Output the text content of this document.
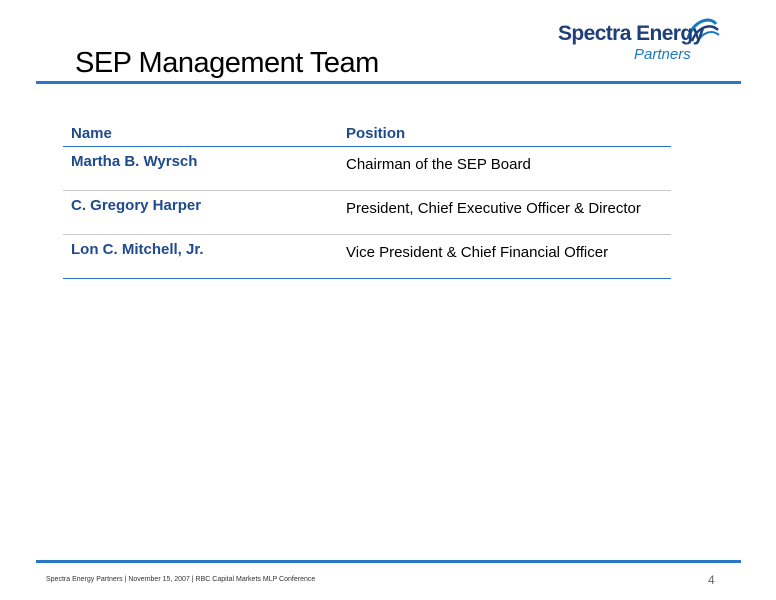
SEP Management Team
Spectra Energy
Partners
Name	Position
Martha B. Wyrsch	Chairman of the SEP Board
C. Gregory Harper	President, Chief Executive Officer & Director
Lon C. Mitchell, Jr.	Vice President & Chief Financial Officer
Spectra Energy Partners | November 15, 2007 | RBC Capital Markets MLP Conference	4
